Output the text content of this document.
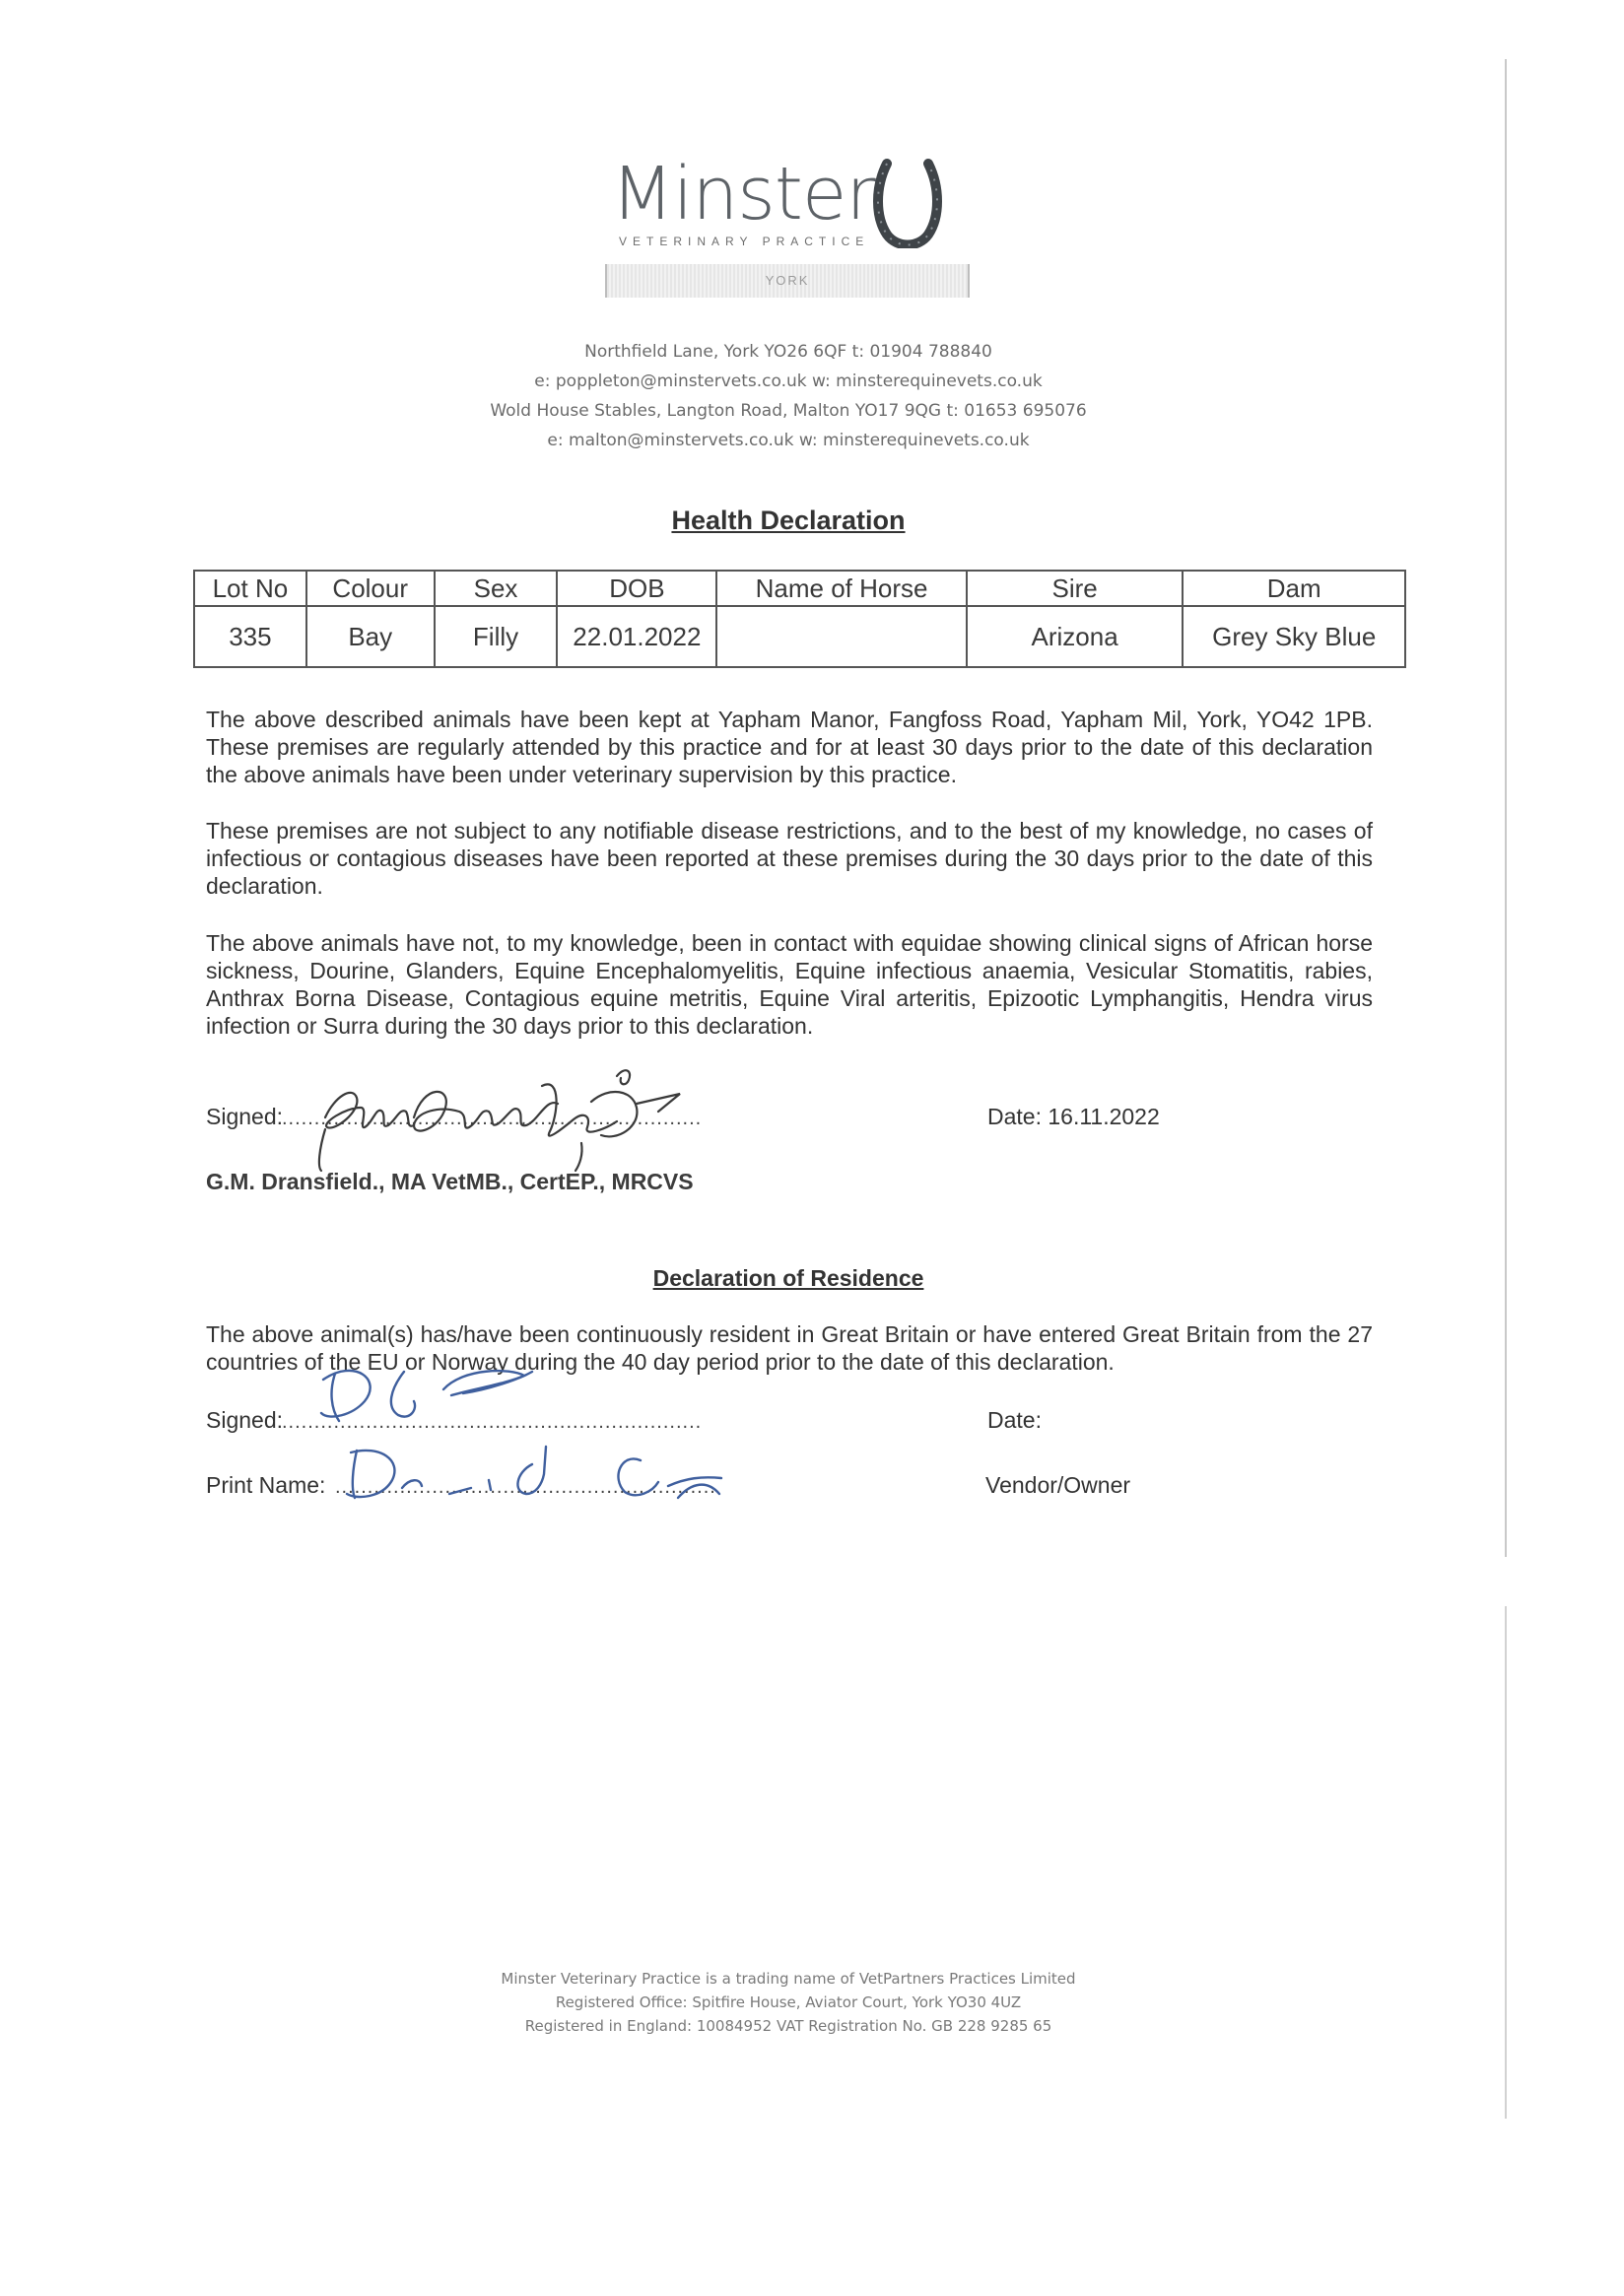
Minster
VETERINARY PRACTICE
YORK
Northfield Lane, York YO26 6QF t: 01904 788840
e: poppleton@minstervets.co.uk w: minsterequinevets.co.uk
Wold House Stables, Langton Road, Malton YO17 9QG t: 01653 695076
e: malton@minstervets.co.uk w: minsterequinevets.co.uk
Health Declaration
Lot No	Colour	Sex	DOB	Name of Horse	Sire	Dam
335	Bay	Filly	22.01.2022		Arizona	Grey Sky Blue
The above described animals have been kept at Yapham Manor, Fangfoss Road, Yapham Mil, York, YO42 1PB. These premises are regularly attended by this practice and for at least 30 days prior to the date of this declaration the above animals have been under veterinary supervision by this practice.
These premises are not subject to any notifiable disease restrictions, and to the best of my knowledge, no cases of infectious or contagious diseases have been reported at these premises during the 30 days prior to the date of this declaration.
The above animals have not, to my knowledge, been in contact with equidae showing clinical signs of African horse sickness, Dourine, Glanders, Equine Encephalomyelitis, Equine infectious anaemia, Vesicular Stomatitis, rabies, Anthrax Borna Disease, Contagious equine metritis, Equine Viral arteritis, Epizootic Lymphangitis, Hendra virus infection or Surra during the 30 days prior to this declaration.
Signed:
.................................................................	Date: 16.11.2022
G.M. Dransfield., MA VetMB., CertEP., MRCVS
Declaration of Residence
The above animal(s) has/have been continuously resident in Great Britain or have entered Great Britain from the 27 countries of the EU or Norway during the 40 day period prior to the date of this declaration.
Signed:
.................................................................	Date:
Print Name: ...........................................................	Vendor/Owner
Minster Veterinary Practice is a trading name of VetPartners Practices Limited
Registered Office: Spitfire House, Aviator Court, York YO30 4UZ
Registered in England: 10084952 VAT Registration No. GB 228 9285 65
